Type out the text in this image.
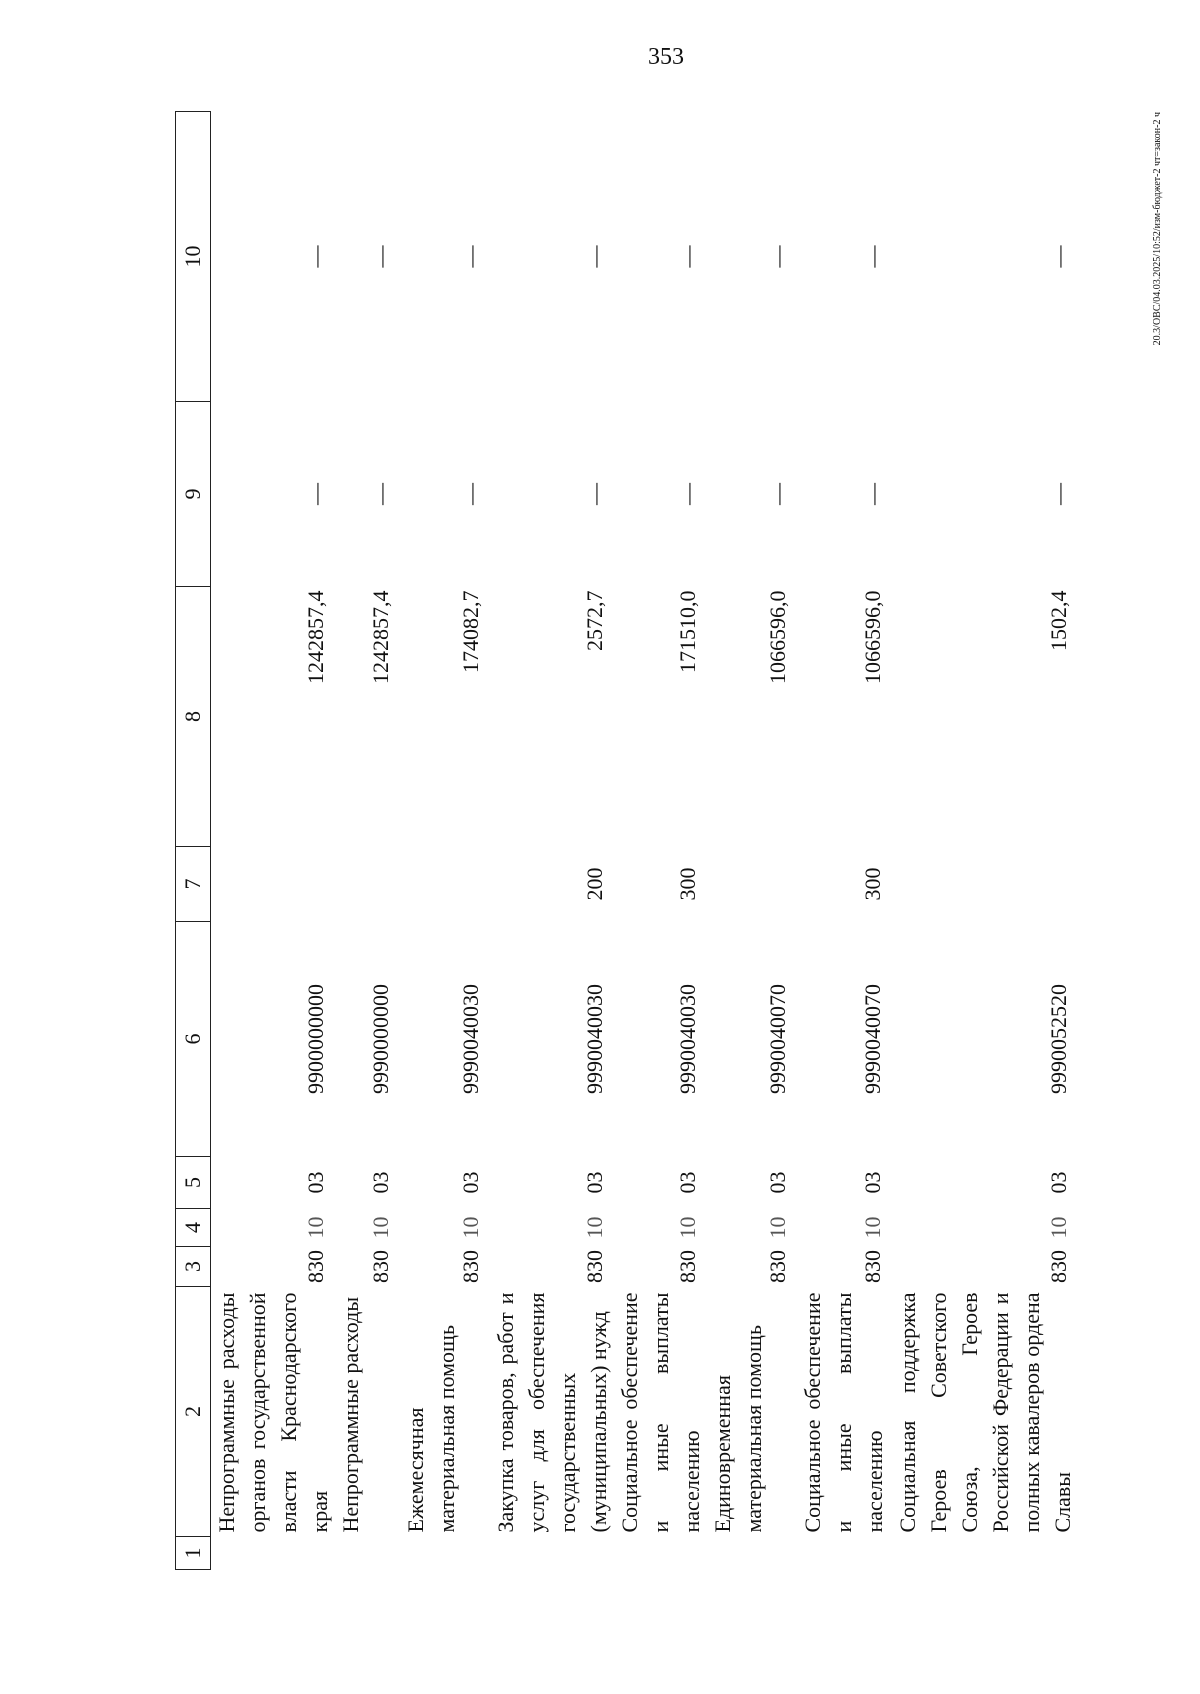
353
20.3/ОВС/04.03.2025/10:52/изм-бюджет-2 чт=закон-2 ч
1	2	3	4	5	6	7	8	9	10
	Непрограммные расходы органов государственной власти Краснодарского края	830	10	03	9900000000		1242857,4	—	—
	Непрограммные расходы	830	10	03	9990000000		1242857,4	—	—
	Ежемесячная материальная помощь	830	10	03	9990040030		174082,7	—	—
	Закупка товаров, работ и услуг для обеспечения государственных (муниципальных) нужд	830	10	03	9990040030	200	2572,7	—	—
	Социальное обеспечение и иные выплаты населению	830	10	03	9990040030	300	171510,0	—	—
	Единовременная материальная помощь	830	10	03	9990040070		1066596,0	—	—
	Социальное обеспечение и иные выплаты населению	830	10	03	9990040070	300	1066596,0	—	—
	Социальная поддержка Героев Советского Союза, Героев Российской Федерации и полных кавалеров ордена Славы	830	10	03	9990052520		1502,4	—	—
